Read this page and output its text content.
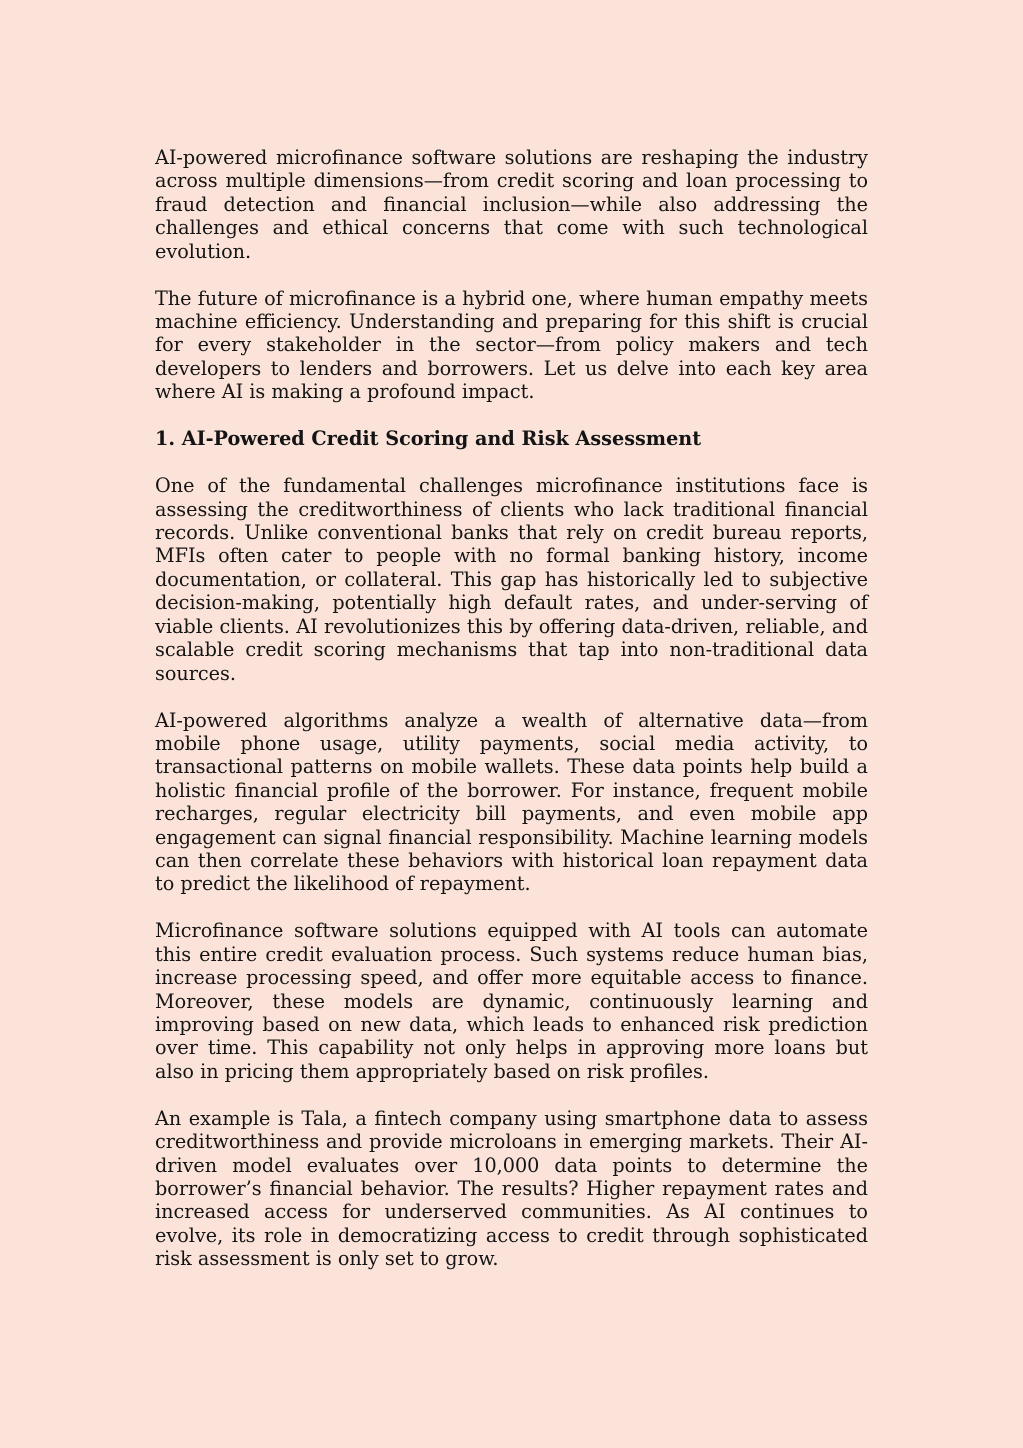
AI-powered microfinance software solutions are reshaping the industry across multiple dimensions—from credit scoring and loan processing to fraud detection and financial inclusion—while also addressing the challenges and ethical concerns that come with such technological evolution.

The future of microfinance is a hybrid one, where human empathy meets machine efficiency. Understanding and preparing for this shift is crucial for every stakeholder in the sector—from policy makers and tech developers to lenders and borrowers. Let us delve into each key area where AI is making a profound impact.

1. AI-Powered Credit Scoring and Risk Assessment

One of the fundamental challenges microfinance institutions face is assessing the creditworthiness of clients who lack traditional financial records. Unlike conventional banks that rely on credit bureau reports, MFIs often cater to people with no formal banking history, income documentation, or collateral. This gap has historically led to subjective decision-making, potentially high default rates, and under-serving of viable clients. AI revolutionizes this by offering data-driven, reliable, and scalable credit scoring mechanisms that tap into non-traditional data sources.

AI-powered algorithms analyze a wealth of alternative data—from mobile phone usage, utility payments, social media activity, to transactional patterns on mobile wallets. These data points help build a holistic financial profile of the borrower. For instance, frequent mobile recharges, regular electricity bill payments, and even mobile app engagement can signal financial responsibility. Machine learning models can then correlate these behaviors with historical loan repayment data to predict the likelihood of repayment.

Microfinance software solutions equipped with AI tools can automate this entire credit evaluation process. Such systems reduce human bias, increase processing speed, and offer more equitable access to finance. Moreover, these models are dynamic, continuously learning and improving based on new data, which leads to enhanced risk prediction over time. This capability not only helps in approving more loans but also in pricing them appropriately based on risk profiles.

An example is Tala, a fintech company using smartphone data to assess creditworthiness and provide microloans in emerging markets. Their AI-driven model evaluates over 10,000 data points to determine the borrower’s financial behavior. The results? Higher repayment rates and increased access for underserved communities. As AI continues to evolve, its role in democratizing access to credit through sophisticated risk assessment is only set to grow.
